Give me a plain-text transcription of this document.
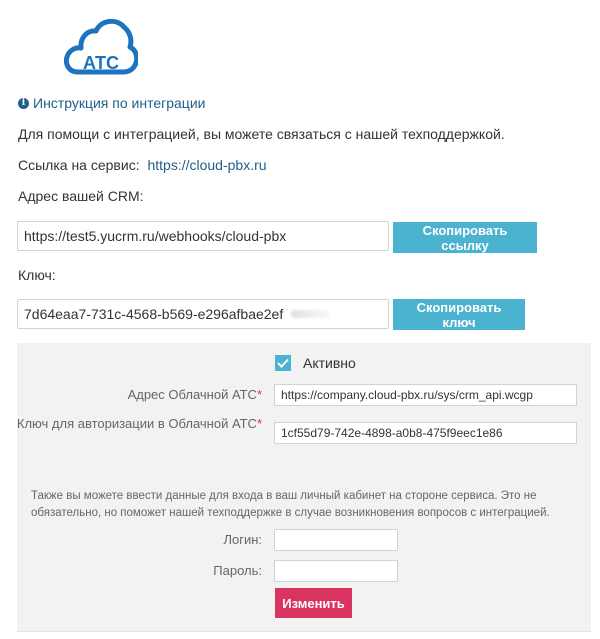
АТС
i Инструкция по интеграции
Для помощи с интеграцией, вы можете связаться с нашей техподдержкой.
Ссылка на сервис: https://cloud-pbx.ru
Адрес вашей CRM:
https://test5.yucrm.ru/webhooks/cloud-pbx	Скопировать ссылку
Ключ:
7d64eaa7-731c-4568-b569-e296afbae2ef	Скопировать ключ
Активно
Адрес Облачной АТС* https://company.cloud-pbx.ru/sys/crm_api.wcgp
Ключ для авторизации в Облачной АТС*
1cf55d79-742e-4898-a0b8-475f9eec1e86
Также вы можете ввести данные для входа в ваш личный кабинет на стороне сервиса. Это не обязательно, но поможет нашей техподдержке в случае возникновения вопросов с интеграцией.
Логин:
Пароль:
Изменить
